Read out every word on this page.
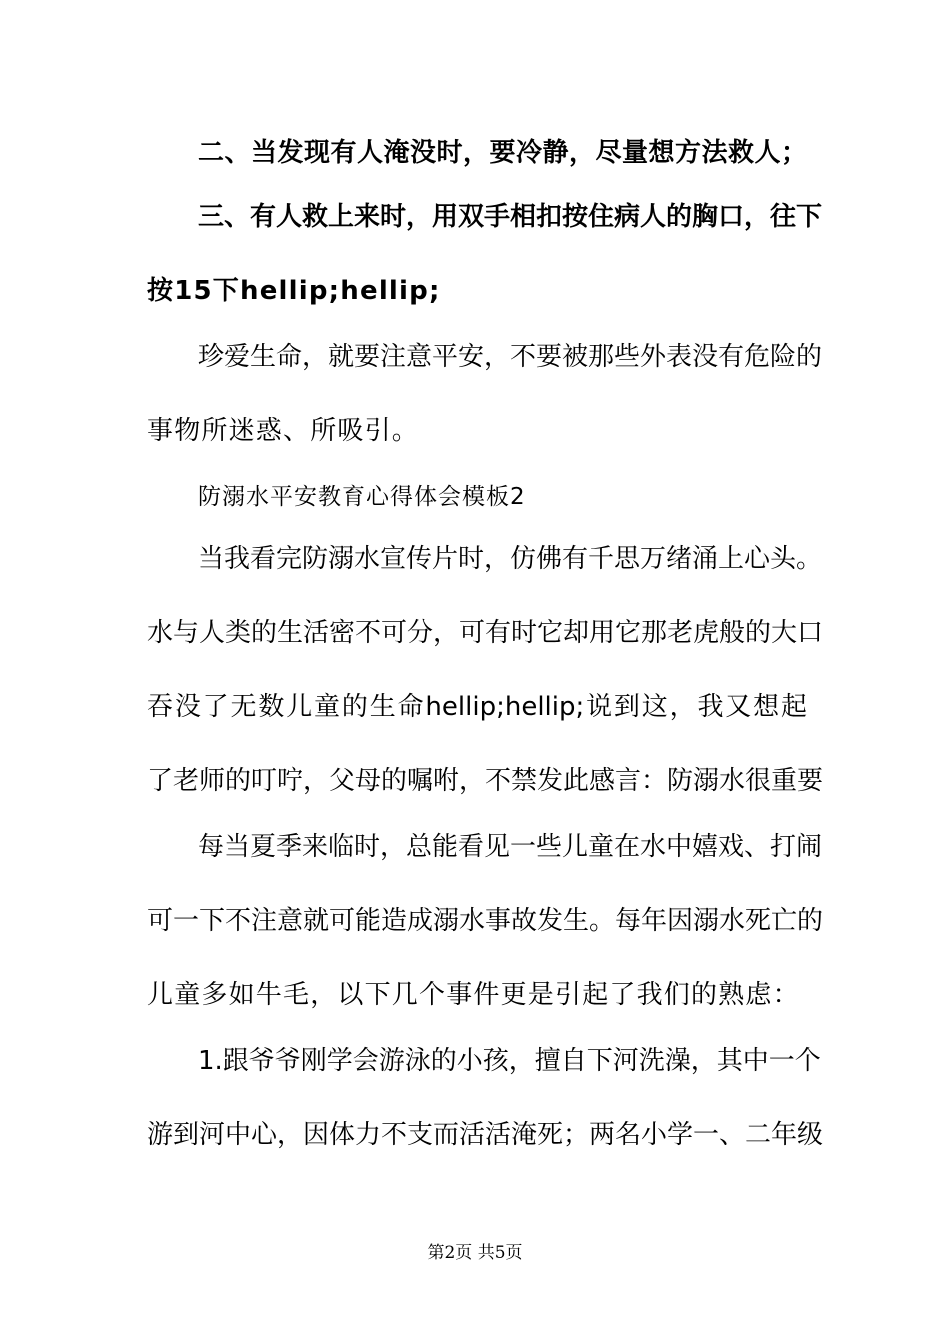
二、当发现有人淹没时，要冷静，尽量想方法救人；
三、有人救上来时，用双手相扣按住病人的胸口，往下
按15下hellip;hellip;
珍爱生命，就要注意平安，不要被那些外表没有危险的
事物所迷惑、所吸引。
防溺水平安教育心得体会模板2
当我看完防溺水宣传片时，仿佛有千思万绪涌上心头。
水与人类的生活密不可分，可有时它却用它那老虎般的大口
吞没了无数儿童的生命hellip;hellip;说到这，我又想起
了老师的叮咛，父母的嘱咐，不禁发此感言：防溺水很重要
每当夏季来临时，总能看见一些儿童在水中嬉戏、打闹
可一下不注意就可能造成溺水事故发生。每年因溺水死亡的
儿童多如牛毛，以下几个事件更是引起了我们的熟虑：
1.跟爷爷刚学会游泳的小孩，擅自下河洗澡，其中一个
游到河中心，因体力不支而活活淹死；两名小学一、二年级
第2页 共5页
